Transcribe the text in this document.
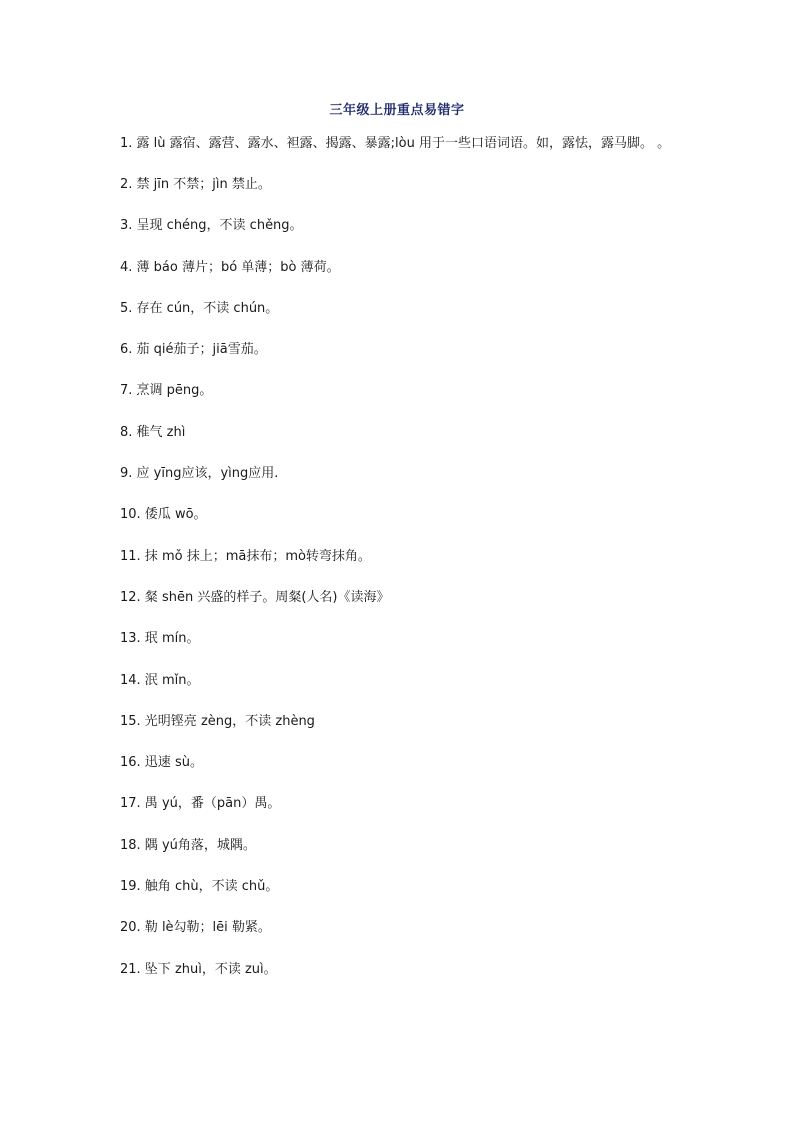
三年级上册重点易错字
1. 露 lù 露宿、露营、露水、袒露、揭露、暴露;lòu 用于一些口语词语。如，露怯，露马脚。 。
2. 禁 jīn 不禁；jìn 禁止。
3. 呈现 chéng，不读 chěng。
4. 薄 báo 薄片；bó 单薄；bò 薄荷。
5. 存在 cún，不读 chún。
6. 茄 qié茄子；jiā雪茄。
7. 烹调 pēng。
8. 稚气 zhì
9. 应 yīng应该，yìng应用.
10. 倭瓜 wō。
11. 抹 mǒ 抹上；mā抹布；mò转弯抹角。
12. 粲 shēn 兴盛的样子。周粲(人名)《读海》
13. 珉 mín。
14. 泯 mǐn。
15. 光明铿亮 zèng，不读 zhèng
16. 迅速 sù。
17. 禺 yú，番（pān）禺。
18. 隅 yú角落，城隅。
19. 触角 chù，不读 chǔ。
20. 勒 lè勾勒；lēi 勒紧。
21. 坠下 zhuì，不读 zuì。
